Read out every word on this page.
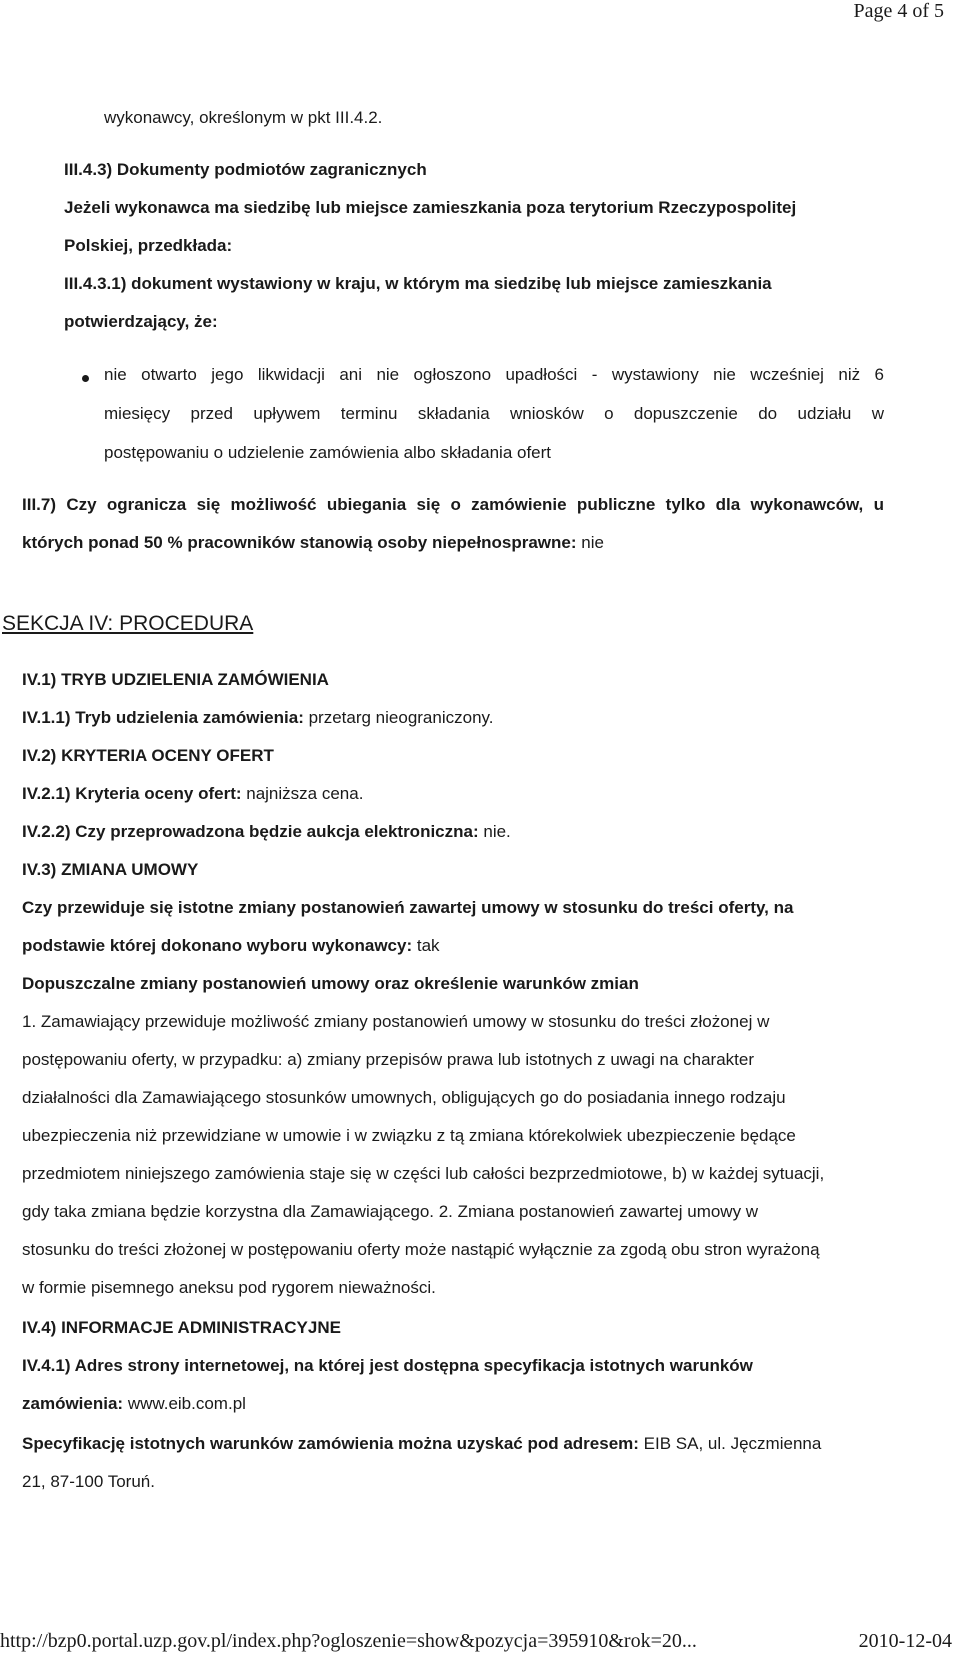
Page 4 of 5
wykonawcy, określonym w pkt III.4.2.
III.4.3) Dokumenty podmiotów zagranicznych
Jeżeli wykonawca ma siedzibę lub miejsce zamieszkania poza terytorium Rzeczypospolitej
Polskiej, przedkłada:
III.4.3.1) dokument wystawiony w kraju, w którym ma siedzibę lub miejsce zamieszkania
potwierdzający, że:
nie otwarto jego likwidacji ani nie ogłoszono upadłości - wystawiony nie wcześniej niż 6
miesięcy przed upływem terminu składania wniosków o dopuszczenie do udziału w
postępowaniu o udzielenie zamówienia albo składania ofert
III.7) Czy ogranicza się możliwość ubiegania się o zamówienie publiczne tylko dla wykonawców, u
których ponad 50 % pracowników stanowią osoby niepełnosprawne: nie
SEKCJA IV: PROCEDURA
IV.1) TRYB UDZIELENIA ZAMÓWIENIA
IV.1.1) Tryb udzielenia zamówienia: przetarg nieograniczony.
IV.2) KRYTERIA OCENY OFERT
IV.2.1) Kryteria oceny ofert: najniższa cena.
IV.2.2) Czy przeprowadzona będzie aukcja elektroniczna: nie.
IV.3) ZMIANA UMOWY
Czy przewiduje się istotne zmiany postanowień zawartej umowy w stosunku do treści oferty, na
podstawie której dokonano wyboru wykonawcy: tak
Dopuszczalne zmiany postanowień umowy oraz określenie warunków zmian
1. Zamawiający przewiduje możliwość zmiany postanowień umowy w stosunku do treści złożonej w
postępowaniu oferty, w przypadku: a) zmiany przepisów prawa lub istotnych z uwagi na charakter
działalności dla Zamawiającego stosunków umownych, obligujących go do posiadania innego rodzaju
ubezpieczenia niż przewidziane w umowie i w związku z tą zmiana którekolwiek ubezpieczenie będące
przedmiotem niniejszego zamówienia staje się w części lub całości bezprzedmiotowe, b) w każdej sytuacji,
gdy taka zmiana będzie korzystna dla Zamawiającego. 2. Zmiana postanowień zawartej umowy w
stosunku do treści złożonej w postępowaniu oferty może nastąpić wyłącznie za zgodą obu stron wyrażoną
w formie pisemnego aneksu pod rygorem nieważności.
IV.4) INFORMACJE ADMINISTRACYJNE
IV.4.1) Adres strony internetowej, na której jest dostępna specyfikacja istotnych warunków
zamówienia: www.eib.com.pl
Specyfikację istotnych warunków zamówienia można uzyskać pod adresem: EIB SA, ul. Jęczmienna
21, 87-100 Toruń.
http://bzp0.portal.uzp.gov.pl/index.php?ogloszenie=show&pozycja=395910&rok=20...	2010-12-04
